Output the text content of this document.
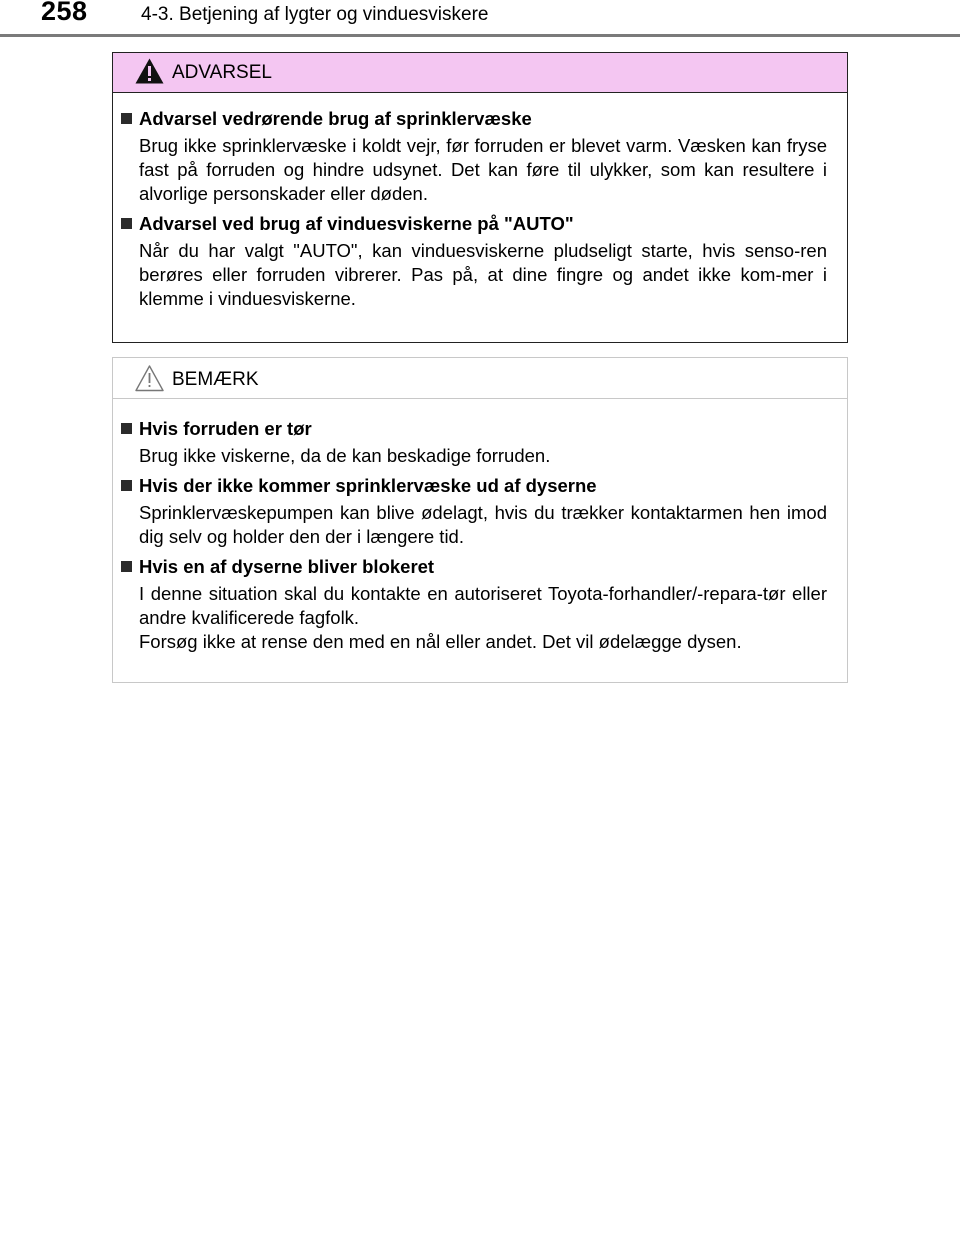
258	4-3. Betjening af lygter og vinduesviskere
ADVARSEL
Advarsel vedrørende brug af sprinklervæske

Brug ikke sprinklervæske i koldt vejr, før forruden er blevet varm. Væsken kan fryse fast på forruden og hindre udsynet. Det kan føre til ulykker, som kan resultere i alvorlige personskader eller døden.

Advarsel ved brug af vinduesviskerne på "AUTO"

Når du har valgt "AUTO", kan vinduesviskerne pludseligt starte, hvis senso-ren berøres eller forruden vibrerer. Pas på, at dine fingre og andet ikke kom-mer i klemme i vinduesviskerne.

BEMÆRK
Hvis forruden er tør

Brug ikke viskerne, da de kan beskadige forruden.

Hvis der ikke kommer sprinklervæske ud af dyserne

Sprinklervæskepumpen kan blive ødelagt, hvis du trækker kontaktarmen hen imod dig selv og holder den der i længere tid.

Hvis en af dyserne bliver blokeret

I denne situation skal du kontakte en autoriseret Toyota-forhandler/-repara-tør eller andre kvalificerede fagfolk.

Forsøg ikke at rense den med en nål eller andet. Det vil ødelægge dysen.
